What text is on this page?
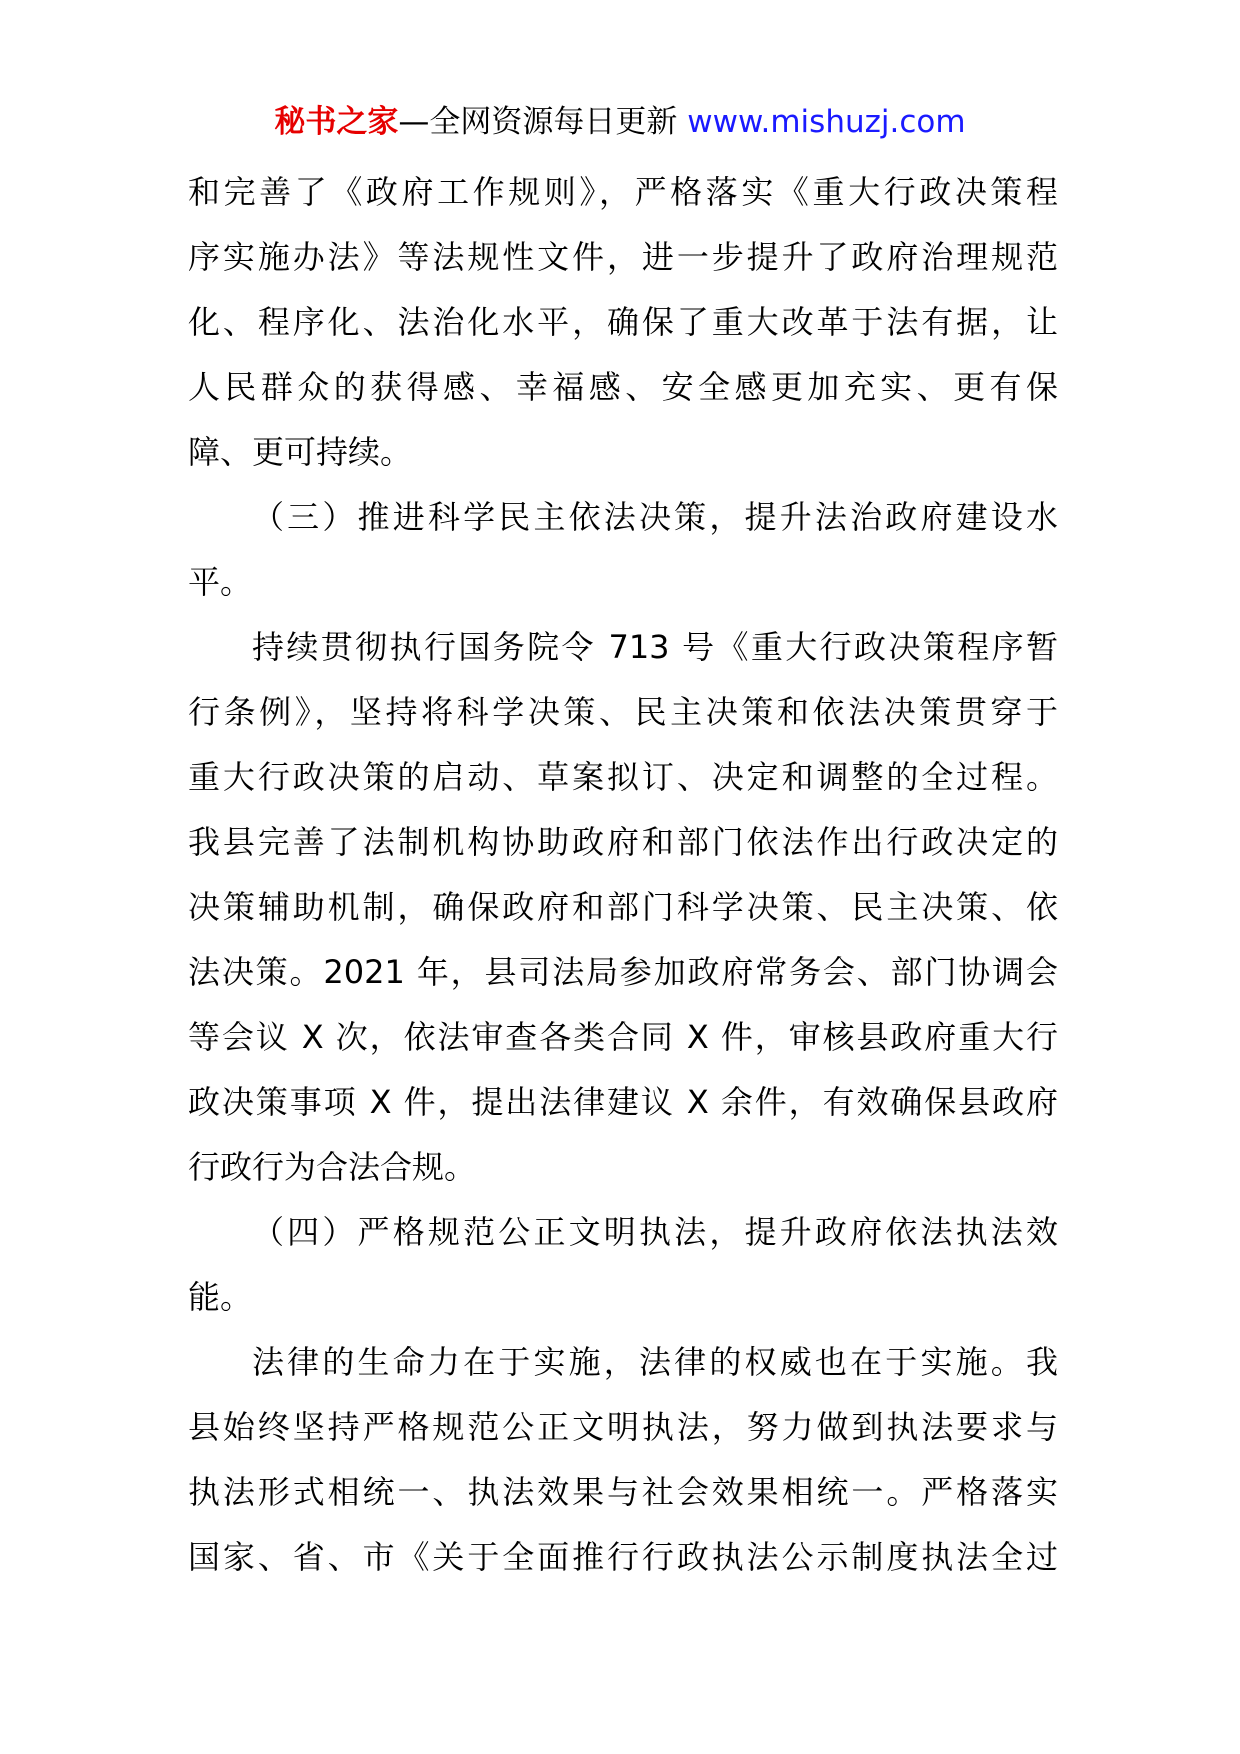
秘书之家—全网资源每日更新 www.mishuzj.com
和完善了《政府工作规则》，严格落实《重大行政决策程
序实施办法》等法规性文件，进一步提升了政府治理规范
化、程序化、法治化水平，确保了重大改革于法有据，让
人民群众的获得感、幸福感、安全感更加充实、更有保
障、更可持续。
（三）推进科学民主依法决策，提升法治政府建设水
平。
持续贯彻执行国务院令 713 号《重大行政决策程序暂
行条例》，坚持将科学决策、民主决策和依法决策贯穿于
重大行政决策的启动、草案拟订、决定和调整的全过程。
我县完善了法制机构协助政府和部门依法作出行政决定的
决策辅助机制，确保政府和部门科学决策、民主决策、依
法决策。2021 年，县司法局参加政府常务会、部门协调会
等会议 X 次，依法审查各类合同 X 件，审核县政府重大行
政决策事项 X 件，提出法律建议 X 余件，有效确保县政府
行政行为合法合规。
（四）严格规范公正文明执法，提升政府依法执法效
能。
法律的生命力在于实施，法律的权威也在于实施。我
县始终坚持严格规范公正文明执法，努力做到执法要求与
执法形式相统一、执法效果与社会效果相统一。严格落实
国家、省、市《关于全面推行行政执法公示制度执法全过
